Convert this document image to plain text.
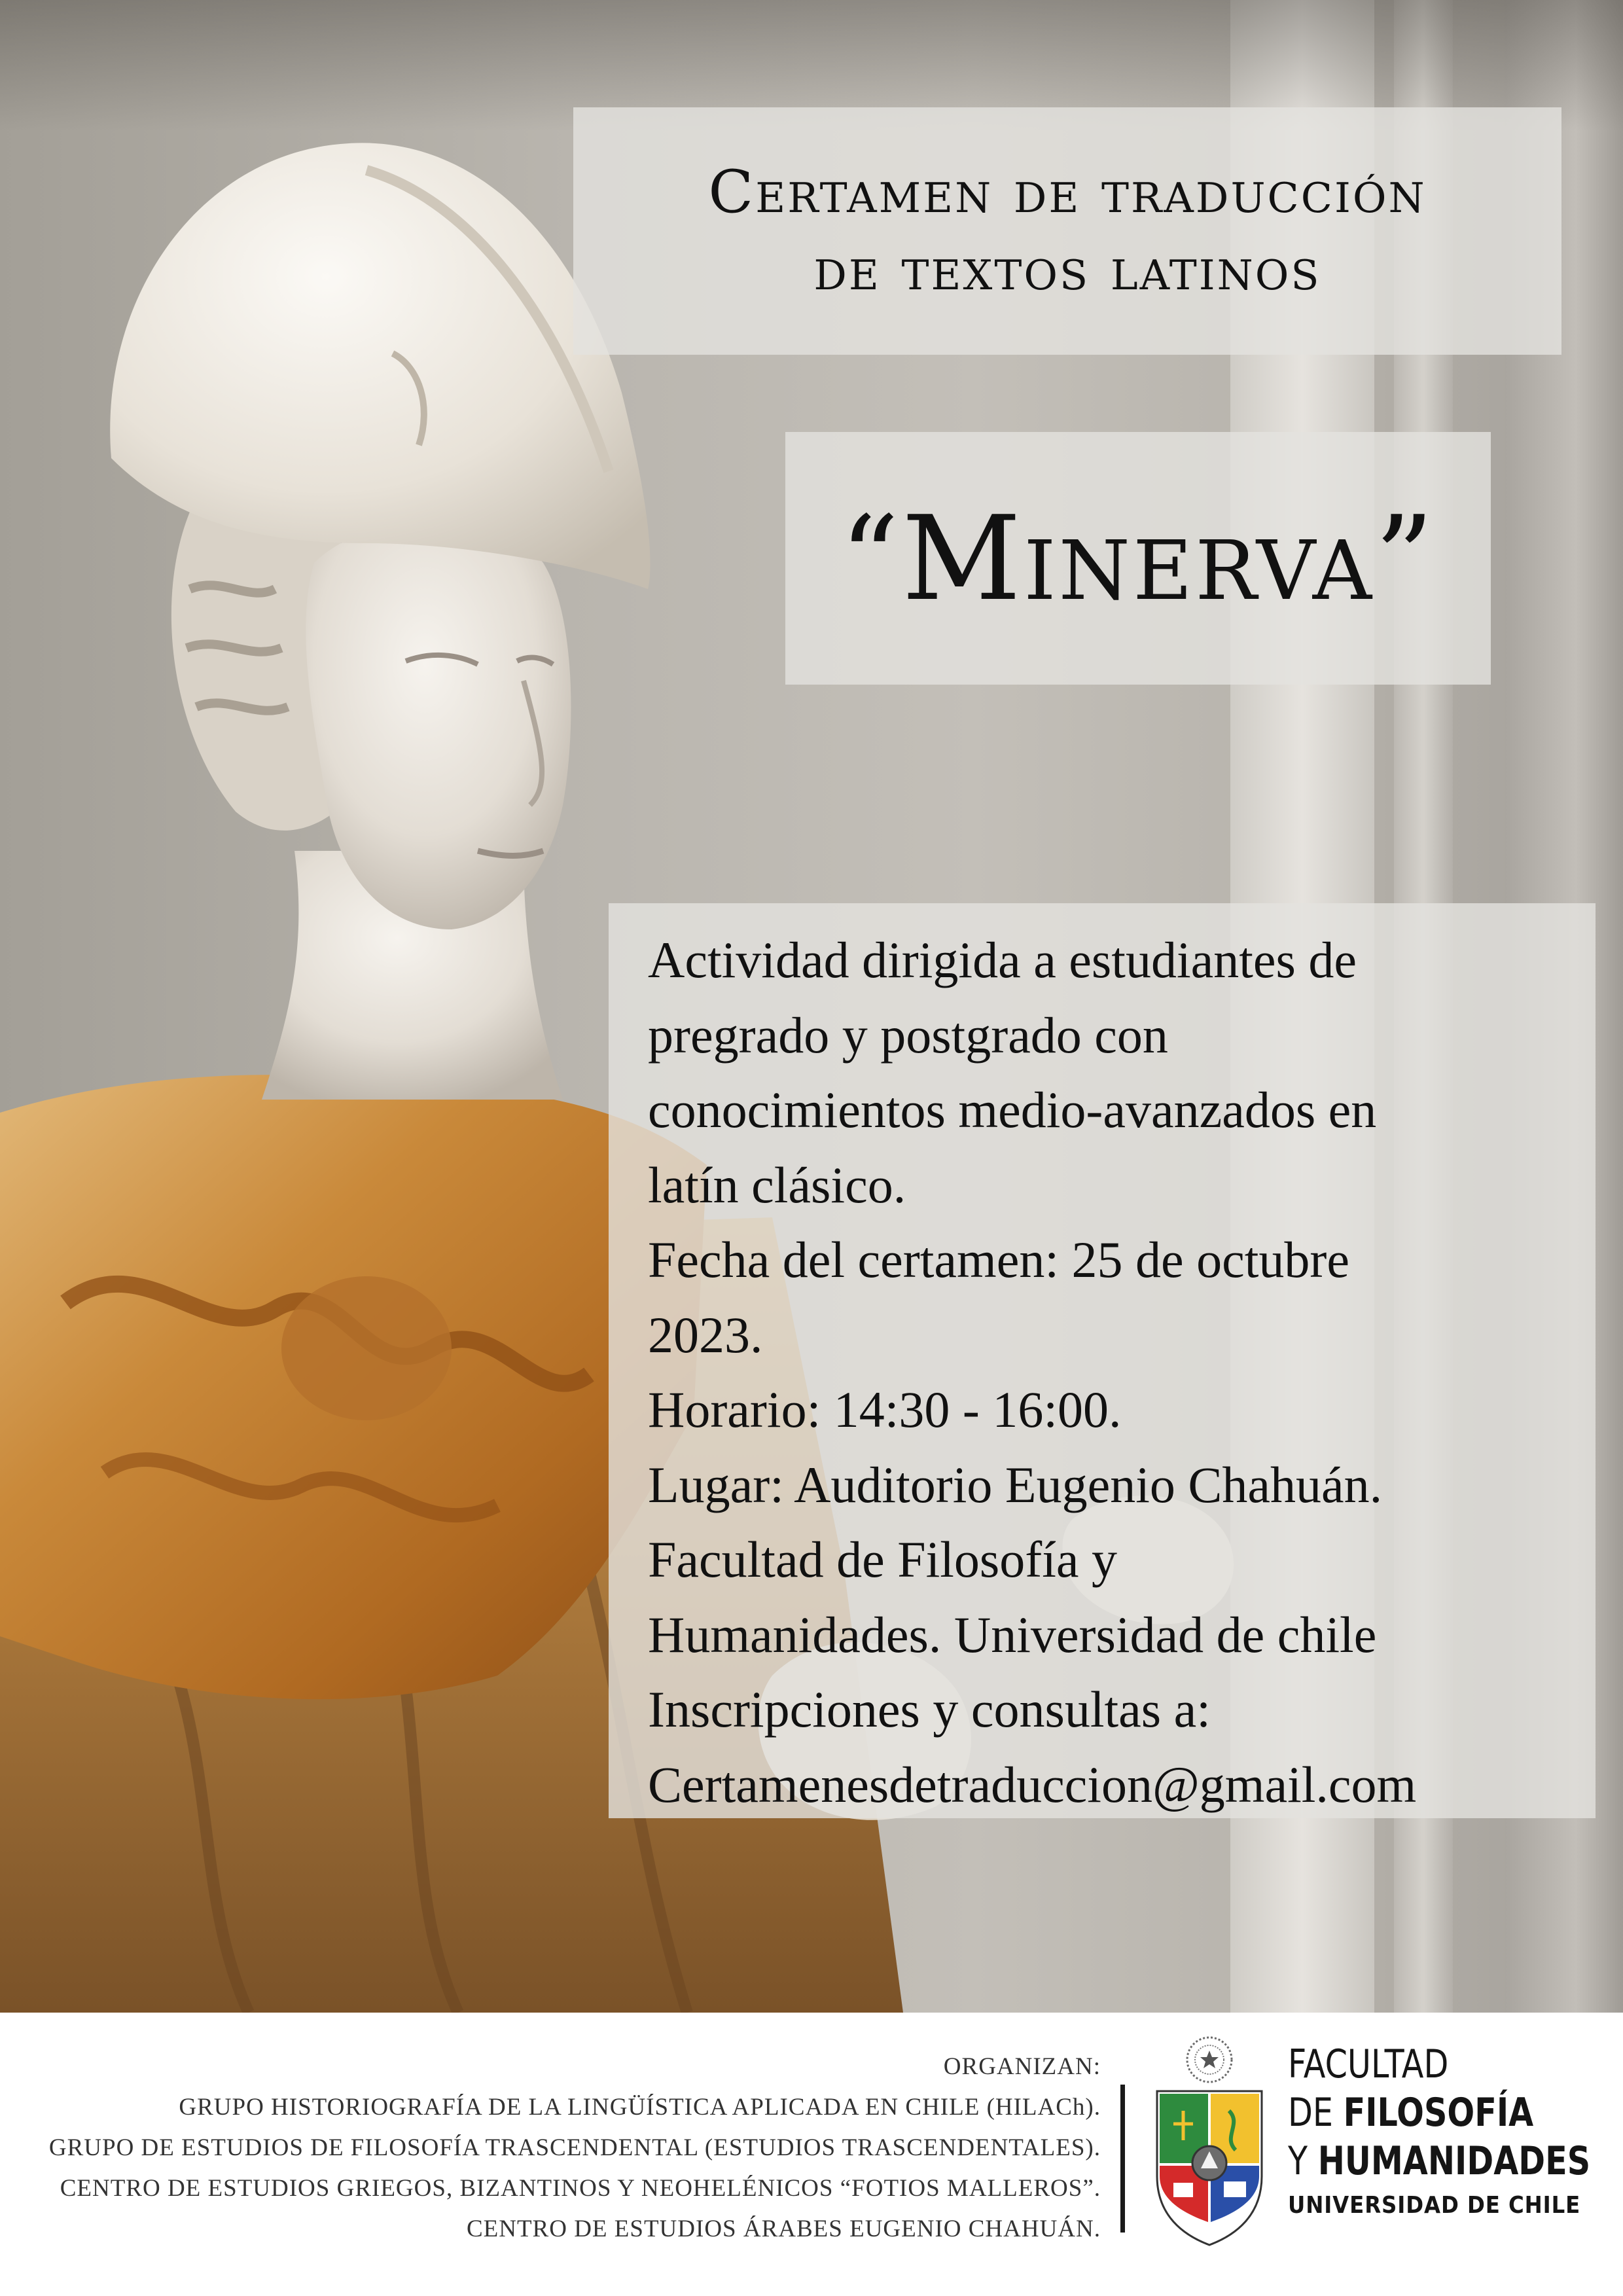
Certamen de traducción
de textos latinos
“Minerva”
Actividad dirigida a estudiantes de
pregrado y postgrado con
conocimientos medio-avanzados en
latín clásico.
Fecha del certamen: 25 de octubre
2023.
Horario: 14:30 - 16:00.
Lugar: Auditorio Eugenio Chahuán.
Facultad de Filosofía y
Humanidades. Universidad de chile
Inscripciones y consultas a:
Certamenesdetraduccion@gmail.com
ORGANIZAN:
GRUPO HISTORIOGRAFÍA DE LA LINGÜÍSTICA APLICADA EN CHILE (HILACh).
GRUPO DE ESTUDIOS DE FILOSOFÍA TRASCENDENTAL (ESTUDIOS TRASCENDENTALES).
CENTRO DE ESTUDIOS GRIEGOS, BIZANTINOS Y NEOHELÉNICOS “FOTIOS MALLEROS”.
CENTRO DE ESTUDIOS ÁRABES EUGENIO CHAHUÁN.
FACULTAD
DE FILOSOFÍA
Y HUMANIDADES
UNIVERSIDAD DE CHILE
